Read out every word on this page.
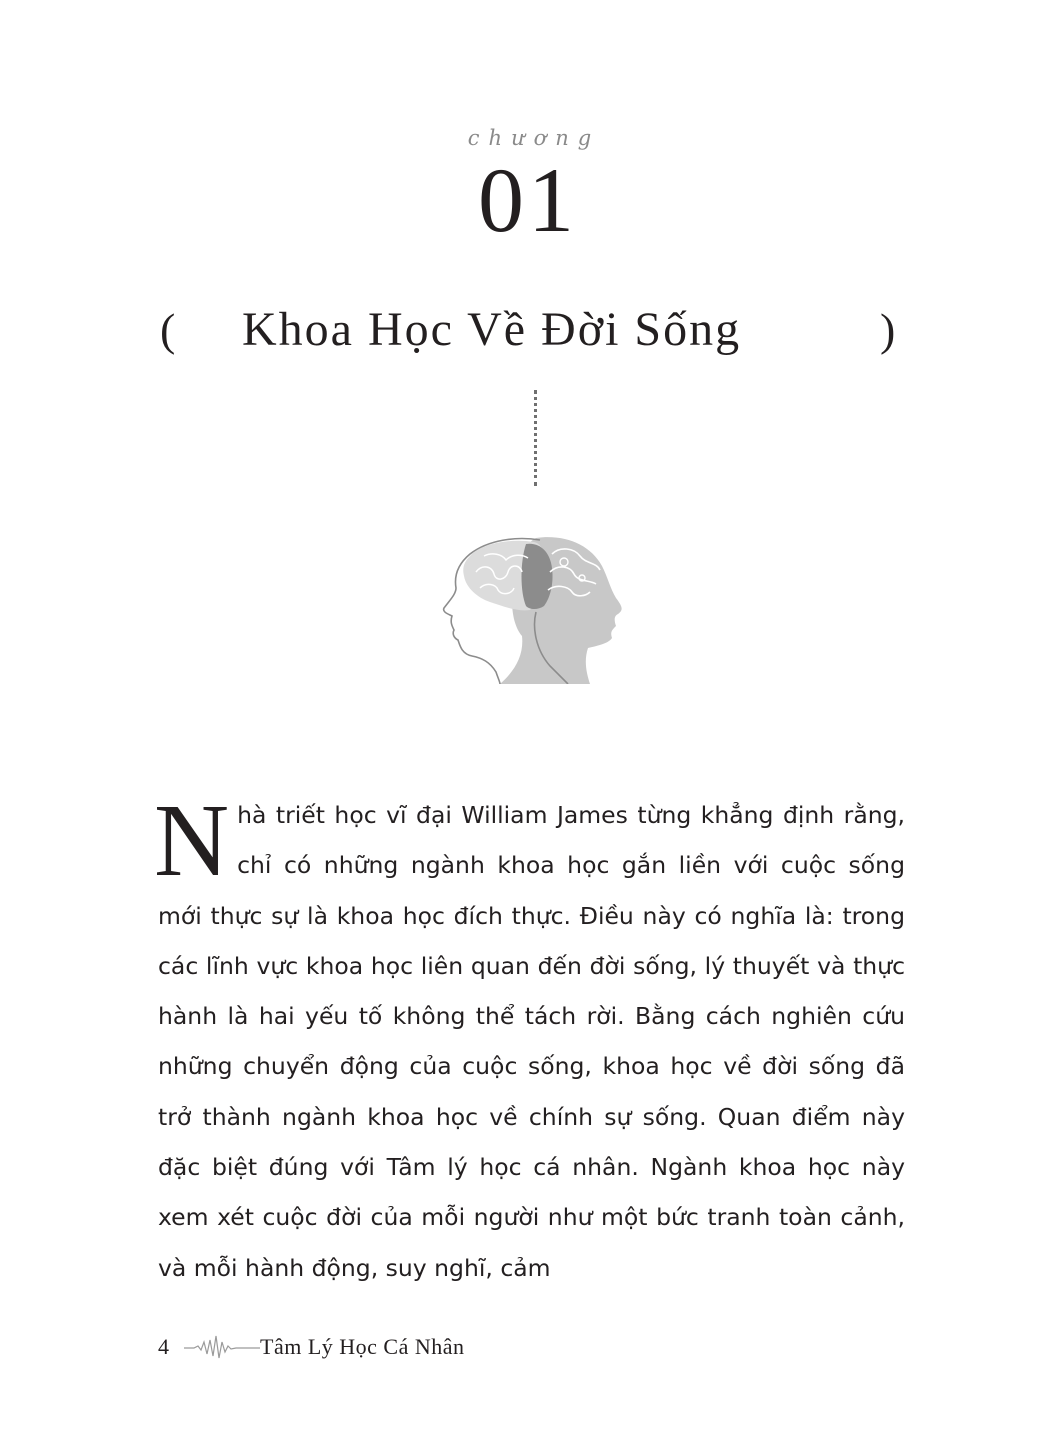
chương
01
( Khoa Học Về Đời Sống	)

Nhà triết học vĩ đại William James từng khẳng định rằng, chỉ có những ngành khoa học gắn liền với cuộc sống mới thực sự là khoa học đích thực. Điều này có nghĩa là: trong các lĩnh vực khoa học liên quan đến đời sống, lý thuyết và thực hành là hai yếu tố không thể tách rời. Bằng cách nghiên cứu những chuyển động của cuộc sống, khoa học về đời sống đã trở thành ngành khoa học về chính sự sống. Quan điểm này đặc biệt đúng với Tâm lý học cá nhân. Ngành khoa học này xem xét cuộc đời của mỗi người như một bức tranh toàn cảnh, và mỗi hành động, suy nghĩ, cảm

4	Tâm Lý Học Cá Nhân
